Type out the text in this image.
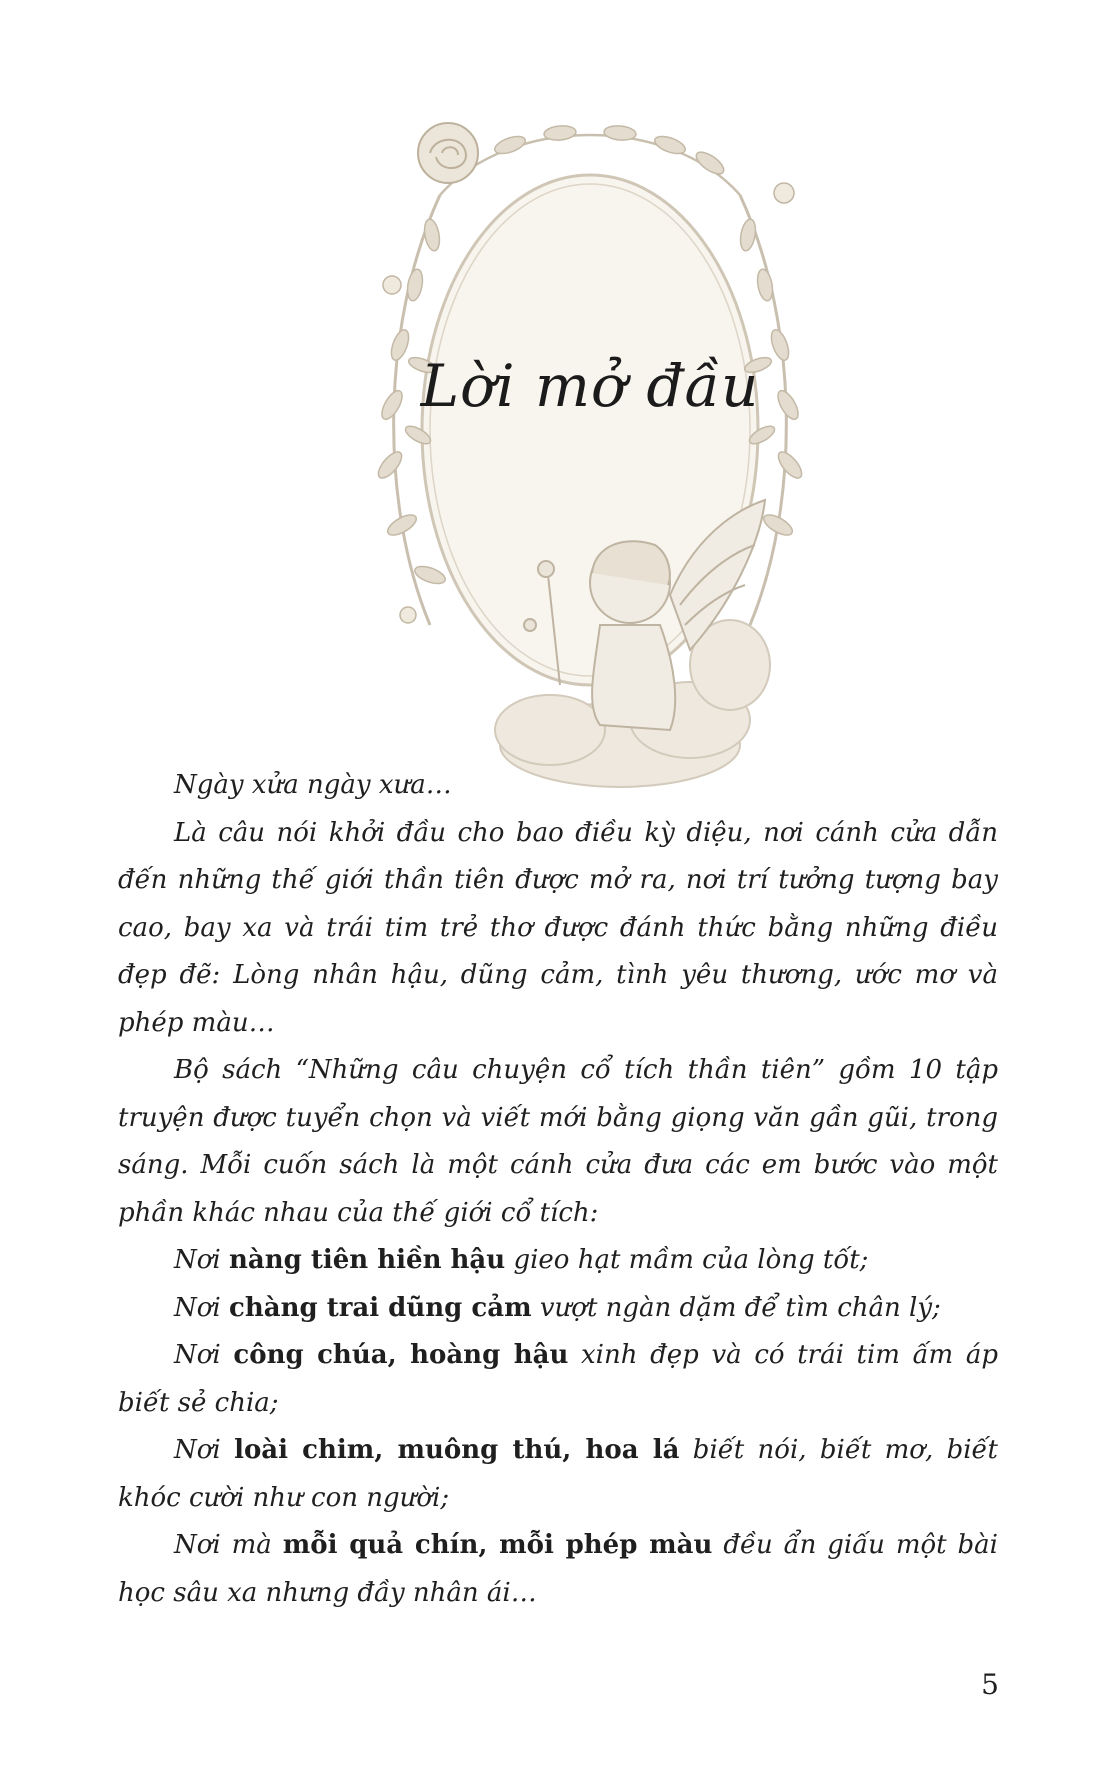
Lời mở đầu

Ngày xửa ngày xưa…

Là câu nói khởi đầu cho bao điều kỳ diệu, nơi cánh cửa dẫn đến những thế giới thần tiên được mở ra, nơi trí tưởng tượng bay cao, bay xa và trái tim trẻ thơ được đánh thức bằng những điều đẹp đẽ: Lòng nhân hậu, dũng cảm, tình yêu thương, ước mơ và phép màu…

Bộ sách “Những câu chuyện cổ tích thần tiên” gồm 10 tập truyện được tuyển chọn và viết mới bằng giọng văn gần gũi, trong sáng. Mỗi cuốn sách là một cánh cửa đưa các em bước vào một phần khác nhau của thế giới cổ tích:

Nơi nàng tiên hiền hậu gieo hạt mầm của lòng tốt;

Nơi chàng trai dũng cảm vượt ngàn dặm để tìm chân lý;

Nơi công chúa, hoàng hậu xinh đẹp và có trái tim ấm áp biết sẻ chia;

Nơi loài chim, muông thú, hoa lá biết nói, biết mơ, biết khóc cười như con người;

Nơi mà mỗi quả chín, mỗi phép màu đều ẩn giấu một bài học sâu xa nhưng đầy nhân ái…

5
